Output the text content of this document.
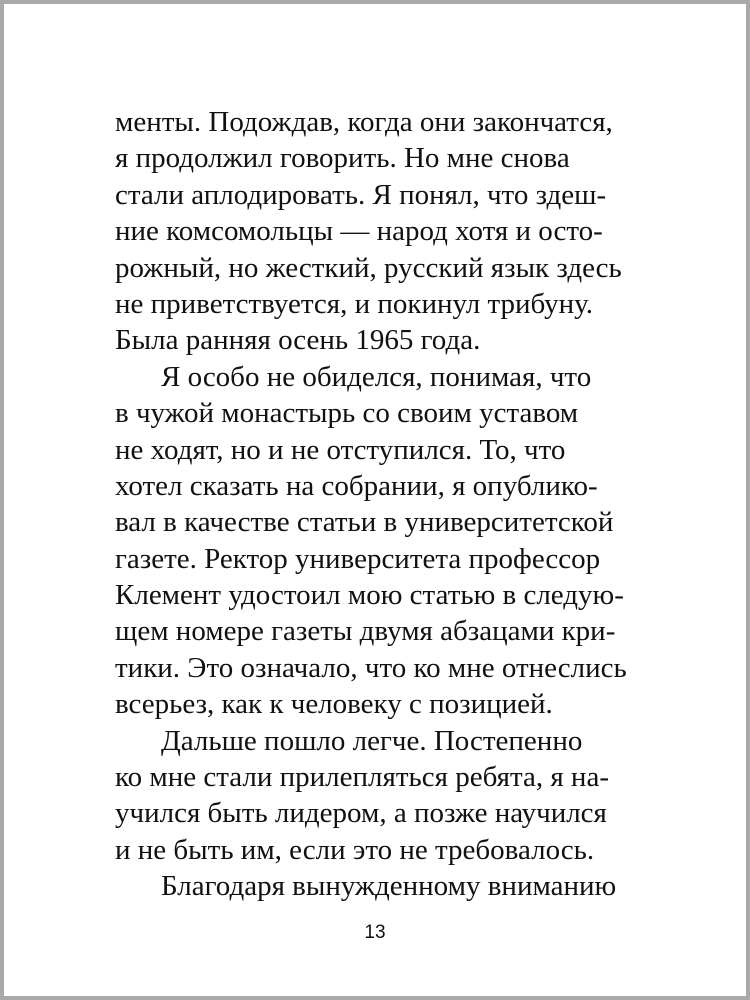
менты. Подождав, когда они закончатся,
я продолжил говорить. Но мне снова
стали аплодировать. Я понял, что здеш-
ние комсомольцы — народ хотя и осто-
рожный, но жесткий, русский язык здесь
не приветствуется, и покинул трибуну.
Была ранняя осень 1965 года.
Я особо не обиделся, понимая, что
в чужой монастырь со своим уставом
не ходят, но и не отступился. То, что
хотел сказать на собрании, я опублико-
вал в качестве статьи в университетской
газете. Ректор университета профессор
Клемент удостоил мою статью в следую-
щем номере газеты двумя абзацами кри-
тики. Это означало, что ко мне отнеслись
всерьез, как к человеку с позицией.
Дальше пошло легче. Постепенно
ко мне стали прилепляться ребята, я на-
учился быть лидером, а позже научился
и не быть им, если это не требовалось.
Благодаря вынужденному вниманию
13
